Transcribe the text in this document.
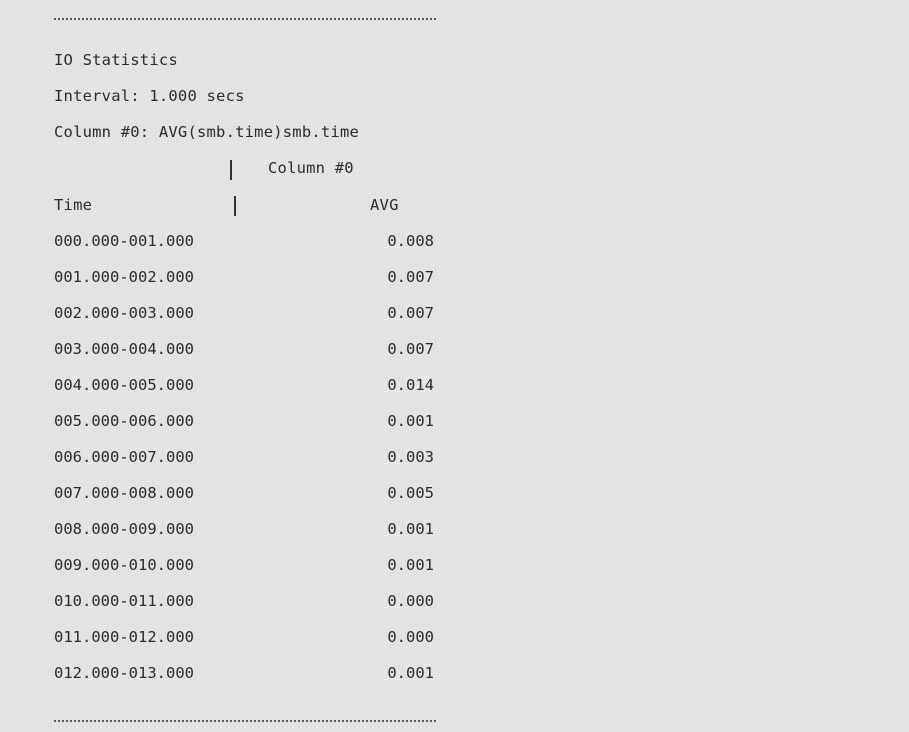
IO Statistics
Interval: 1.000 secs
Column #0: AVG(smb.time)smb.time
Column #0
Time	AVG
000.000-001.000	0.008
001.000-002.000	0.007
002.000-003.000	0.007
003.000-004.000	0.007
004.000-005.000	0.014
005.000-006.000	0.001
006.000-007.000	0.003
007.000-008.000	0.005
008.000-009.000	0.001
009.000-010.000	0.001
010.000-011.000	0.000
011.000-012.000	0.000
012.000-013.000	0.001
